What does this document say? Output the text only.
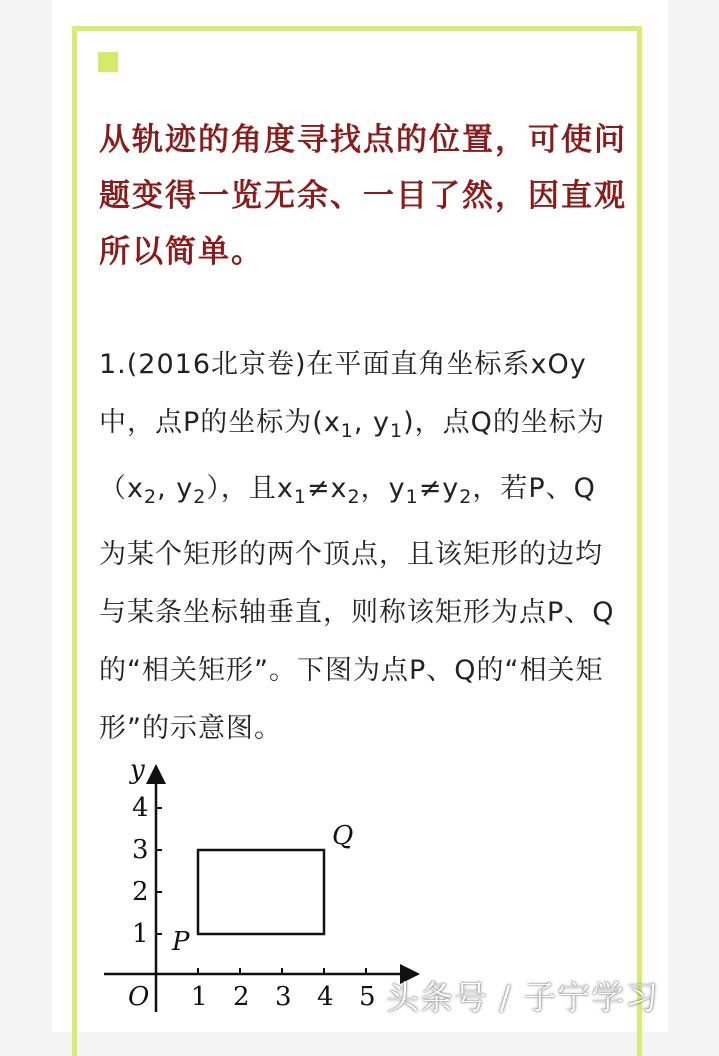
从轨迹的角度寻找点的位置，可使问题变得一览无余、一目了然，因直观所以简单。

1.(2016北京卷)在平面直角坐标系xOy中，点P的坐标为($x_1$, $y_1$)，点Q的坐标为（$x_2$, $y_2$），且$x_1\ne x_2$，$y_1\ne y_2$，若P、Q为某个矩形的两个顶点，且该矩形的边均与某条坐标轴垂直，则称该矩形为点P、Q的“相关矩形”。下图为点P、Q的“相关矩形”的示意图。

y
O
1
2
3
4
1 2 3 4 5
P
Q
头条号 / 子宁学习
